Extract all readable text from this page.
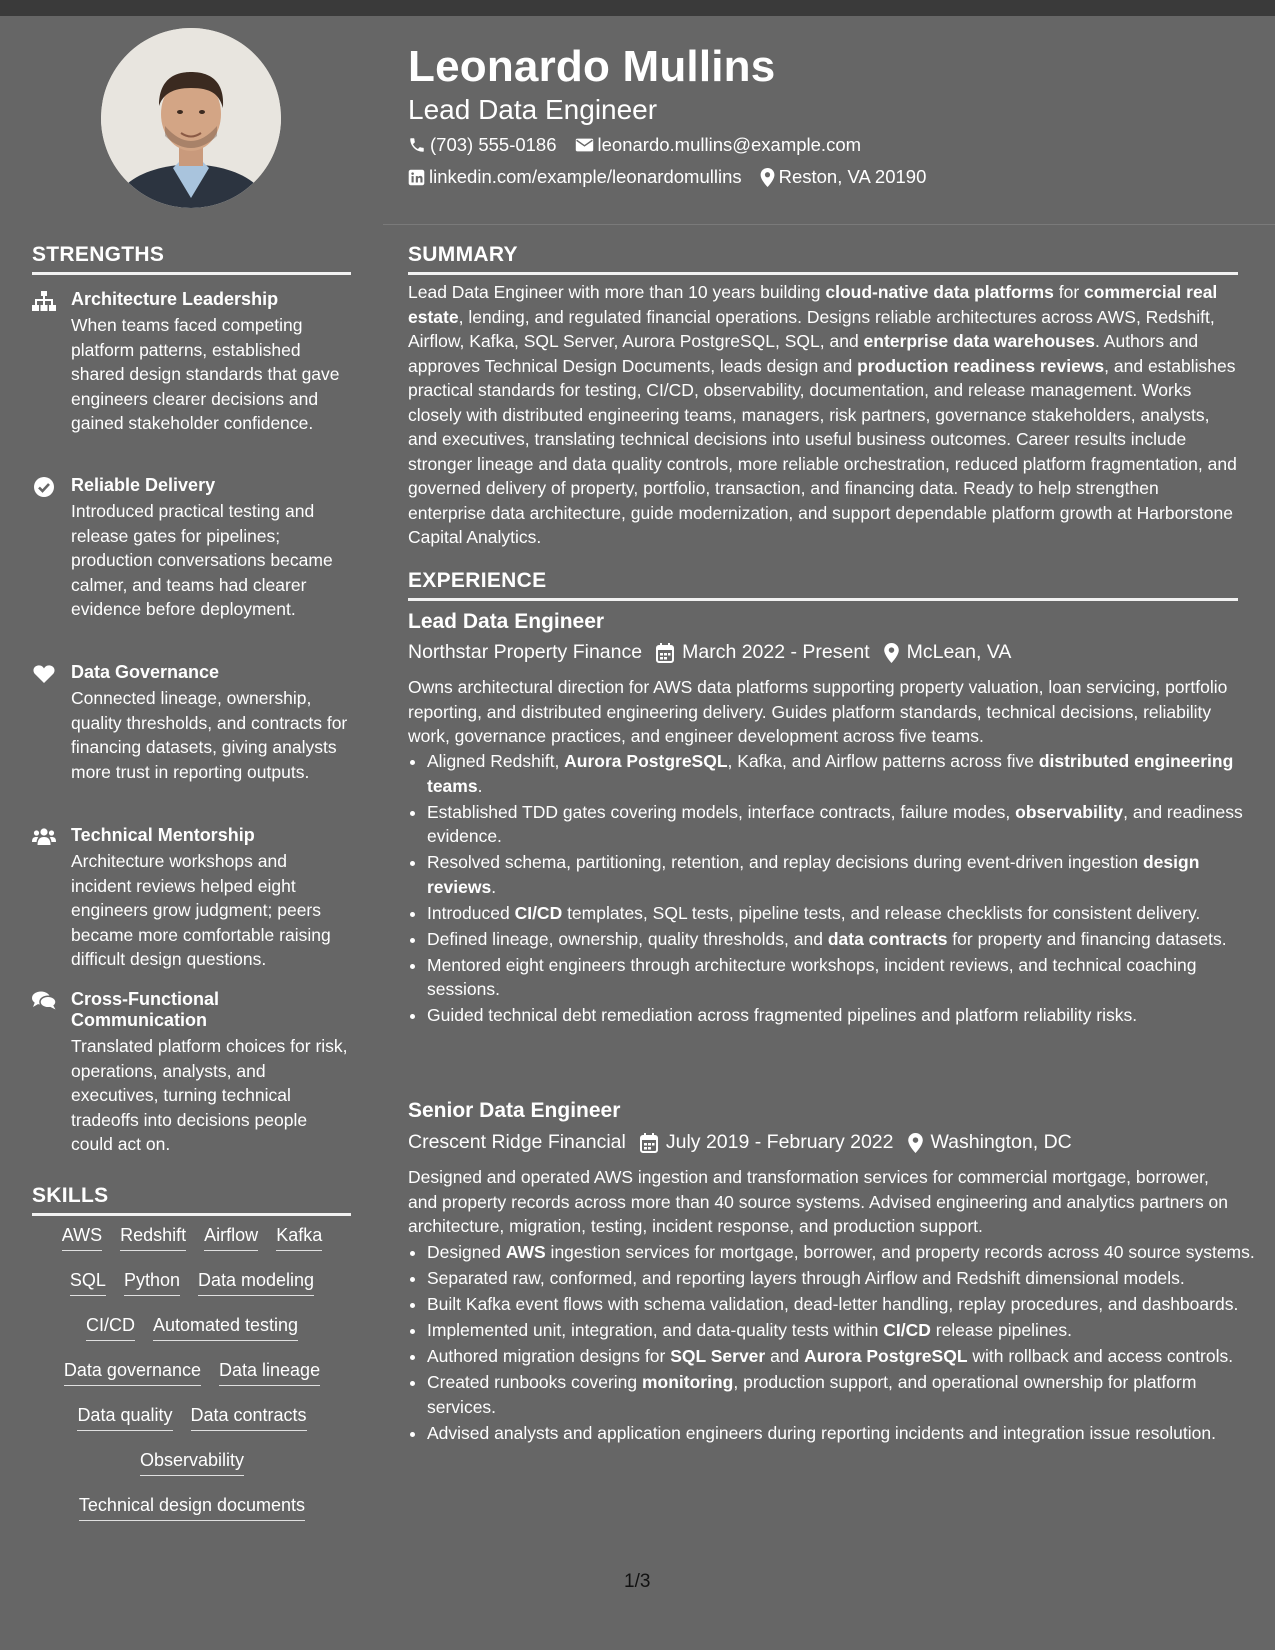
Leonardo Mullins
Lead Data Engineer
(703) 555-0186 leonardo.mullins@example.com
linkedin.com/example/leonardomullins Reston, VA 20190
STRENGTHS
Architecture Leadership
When teams faced competing platform patterns, established shared design standards that gave engineers clearer decisions and gained stakeholder confidence.
Reliable Delivery
Introduced practical testing and release gates for pipelines; production conversations became calmer, and teams had clearer evidence before deployment.
Data Governance
Connected lineage, ownership, quality thresholds, and contracts for financing datasets, giving analysts more trust in reporting outputs.
Technical Mentorship
Architecture workshops and incident reviews helped eight engineers grow judgment; peers became more comfortable raising difficult design questions.
Cross-Functional Communication
Translated platform choices for risk, operations, analysts, and executives, turning technical tradeoffs into decisions people could act on.
SKILLS
AWS Redshift Airflow Kafka
SQL Python Data modeling
CI/CD Automated testing
Data governance Data lineage
Data quality Data contracts
Observability
Technical design documents
SUMMARY
Lead Data Engineer with more than 10 years building cloud-native data platforms for commercial real estate, lending, and regulated financial operations. Designs reliable architectures across AWS, Redshift, Airflow, Kafka, SQL Server, Aurora PostgreSQL, SQL, and enterprise data warehouses. Authors and approves Technical Design Documents, leads design and production readiness reviews, and establishes practical standards for testing, CI/CD, observability, documentation, and release management. Works closely with distributed engineering teams, managers, risk partners, governance stakeholders, analysts, and executives, translating technical decisions into useful business outcomes. Career results include stronger lineage and data quality controls, more reliable orchestration, reduced platform fragmentation, and governed delivery of property, portfolio, transaction, and financing data. Ready to help strengthen enterprise data architecture, guide modernization, and support dependable platform growth at Harborstone Capital Analytics.
EXPERIENCE
Lead Data Engineer
Northstar Property Finance March 2022 - Present McLean, VA
Owns architectural direction for AWS data platforms supporting property valuation, loan servicing, portfolio reporting, and distributed engineering delivery. Guides platform standards, technical decisions, reliability work, governance practices, and engineer development across five teams.
• Aligned Redshift, Aurora PostgreSQL, Kafka, and Airflow patterns across five distributed engineering teams.
• Established TDD gates covering models, interface contracts, failure modes, observability, and readiness evidence.
• Resolved schema, partitioning, retention, and replay decisions during event-driven ingestion design reviews.
• Introduced CI/CD templates, SQL tests, pipeline tests, and release checklists for consistent delivery.
• Defined lineage, ownership, quality thresholds, and data contracts for property and financing datasets.
• Mentored eight engineers through architecture workshops, incident reviews, and technical coaching sessions.
• Guided technical debt remediation across fragmented pipelines and platform reliability risks.
Senior Data Engineer
Crescent Ridge Financial July 2019 - February 2022 Washington, DC
Designed and operated AWS ingestion and transformation services for commercial mortgage, borrower, and property records across more than 40 source systems. Advised engineering and analytics partners on architecture, migration, testing, incident response, and production support.
• Designed AWS ingestion services for mortgage, borrower, and property records across 40 source systems.
• Separated raw, conformed, and reporting layers through Airflow and Redshift dimensional models.
• Built Kafka event flows with schema validation, dead-letter handling, replay procedures, and dashboards.
• Implemented unit, integration, and data-quality tests within CI/CD release pipelines.
• Authored migration designs for SQL Server and Aurora PostgreSQL with rollback and access controls.
• Created runbooks covering monitoring, production support, and operational ownership for platform services.
• Advised analysts and application engineers during reporting incidents and integration issue resolution.
1/3
